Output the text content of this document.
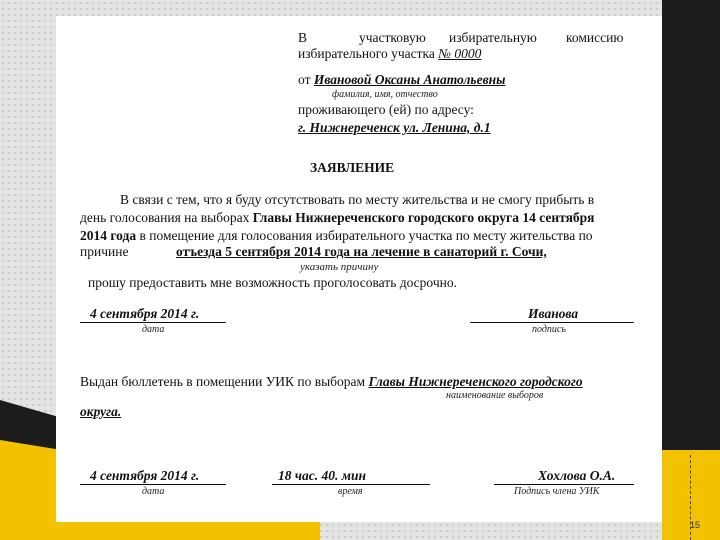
15
В	участковую избирательную комиссию
избирательного участка № 0000
от Ивановой Оксаны Анатольевны
фамилия, имя, отчество
проживающего (ей) по адресу:
г. Нижнереченск ул. Ленина, д.1
ЗАЯВЛЕНИЕ
В связи с тем, что я буду отсутствовать по месту жительства и не смогу прибыть в
день голосования на выборах Главы Нижнереченского городского округа 14 сентября
2014 года в помещение для голосования избирательного участка по месту жительства по
причине	отъезда 5 сентября 2014 года на лечение в санаторий г. Сочи,
указать причину
прошу предоставить мне возможность проголосовать досрочно.
4 сентября 2014 г.
дата
Иванова
подпись
Выдан бюллетень в помещении УИК по выборам Главы Нижнереченского городского
наименование выборов
округа.
4 сентября 2014 г.
дата
18 час. 40. мин
время
Хохлова О.А.
Подпись члена УИК
